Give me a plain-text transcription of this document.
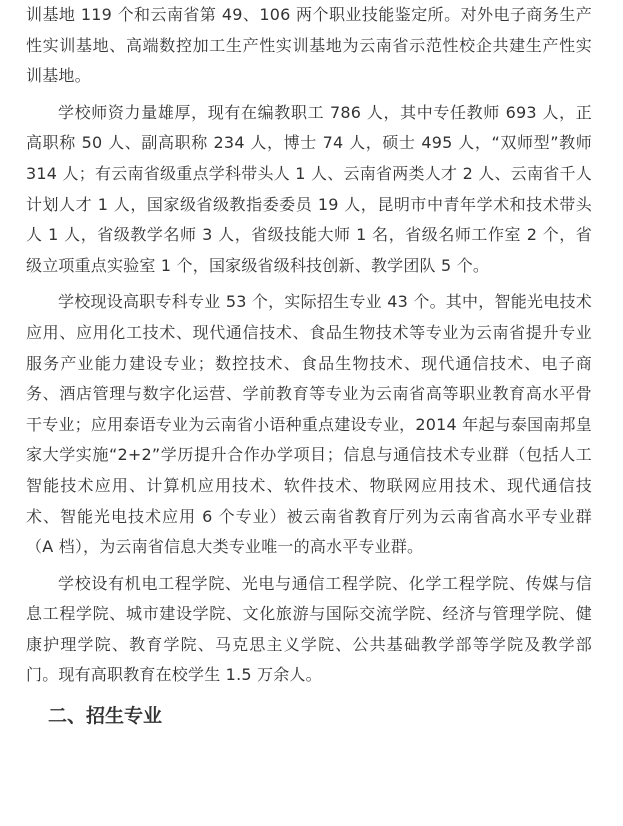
训基地 119 个和云南省第 49、106 两个职业技能鉴定所。对外电子商务生产性实训基地、高端数控加工生产性实训基地为云南省示范性校企共建生产性实训基地。

学校师资力量雄厚，现有在编教职工 786 人，其中专任教师 693 人，正高职称 50 人、副高职称 234 人，博士 74 人，硕士 495 人，“双师型”教师 314 人；有云南省级重点学科带头人 1 人、云南省两类人才 2 人、云南省千人计划人才 1 人，国家级省级教指委委员 19 人，昆明市中青年学术和技术带头人 1 人，省级教学名师 3 人，省级技能大师 1 名，省级名师工作室 2 个，省级立项重点实验室 1 个，国家级省级科技创新、教学团队 5 个。

学校现设高职专科专业 53 个，实际招生专业 43 个。其中，智能光电技术应用、应用化工技术、现代通信技术、食品生物技术等专业为云南省提升专业服务产业能力建设专业；数控技术、食品生物技术、现代通信技术、电子商务、酒店管理与数字化运营、学前教育等专业为云南省高等职业教育高水平骨干专业；应用泰语专业为云南省小语种重点建设专业，2014 年起与泰国南邦皇家大学实施“2+2”学历提升合作办学项目；信息与通信技术专业群（包括人工智能技术应用、计算机应用技术、软件技术、物联网应用技术、现代通信技术、智能光电技术应用 6 个专业）被云南省教育厅列为云南省高水平专业群（A 档），为云南省信息大类专业唯一的高水平专业群。

学校设有机电工程学院、光电与通信工程学院、化学工程学院、传媒与信息工程学院、城市建设学院、文化旅游与国际交流学院、经济与管理学院、健康护理学院、教育学院、马克思主义学院、公共基础教学部等学院及教学部门。现有高职教育在校学生 1.5 万余人。

二、招生专业
